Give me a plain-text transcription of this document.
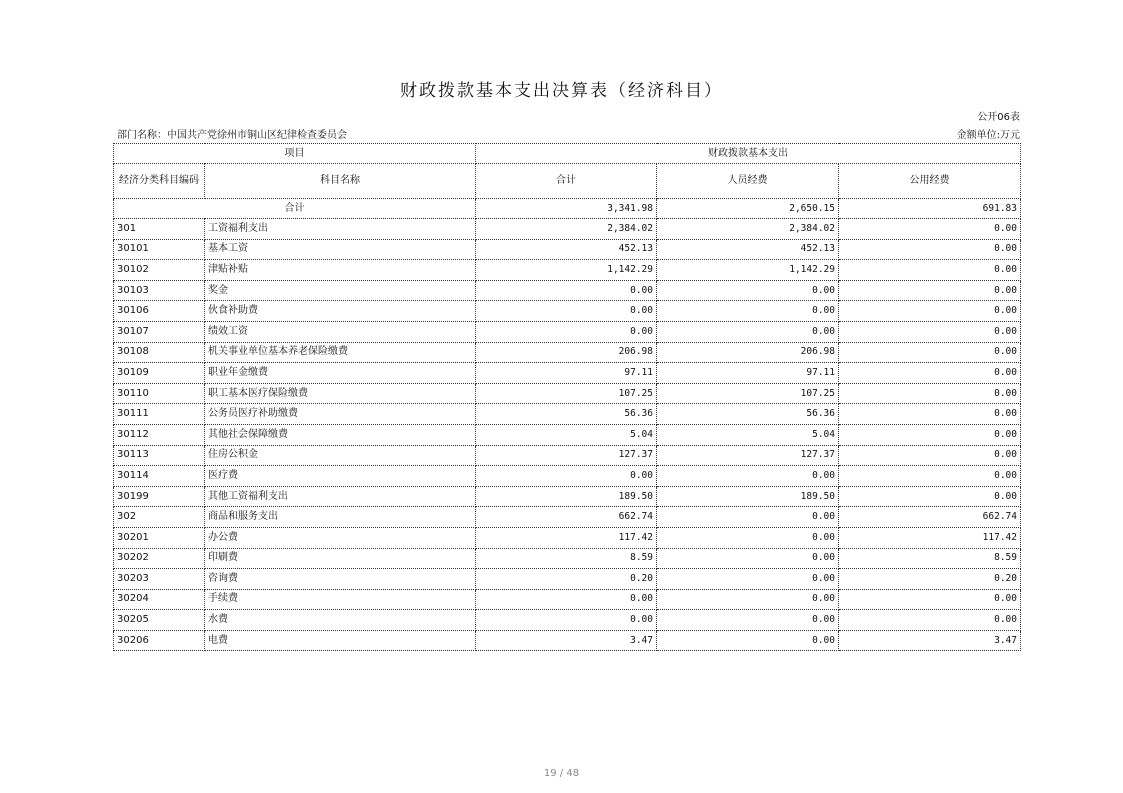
财政拨款基本支出决算表（经济科目）
公开06表
部门名称：中国共产党徐州市铜山区纪律检查委员会	金额单位:万元
项目		财政拨款基本支出		
经济分类科目编码	科目名称	合计	人员经费	公用经费
合计		3,341.98	2,650.15	691.83
301	工资福利支出	2,384.02	2,384.02	0.00
30101	基本工资	452.13	452.13	0.00
30102	津贴补贴	1,142.29	1,142.29	0.00
30103	奖金	0.00	0.00	0.00
30106	伙食补助费	0.00	0.00	0.00
30107	绩效工资	0.00	0.00	0.00
30108	机关事业单位基本养老保险缴费	206.98	206.98	0.00
30109	职业年金缴费	97.11	97.11	0.00
30110	职工基本医疗保险缴费	107.25	107.25	0.00
30111	公务员医疗补助缴费	56.36	56.36	0.00
30112	其他社会保障缴费	5.04	5.04	0.00
30113	住房公积金	127.37	127.37	0.00
30114	医疗费	0.00	0.00	0.00
30199	其他工资福利支出	189.50	189.50	0.00
302	商品和服务支出	662.74	0.00	662.74
30201	办公费	117.42	0.00	117.42
30202	印刷费	8.59	0.00	8.59
30203	咨询费	0.20	0.00	0.20
30204	手续费	0.00	0.00	0.00
30205	水费	0.00	0.00	0.00
30206	电费	3.47	0.00	3.47
19 / 48
